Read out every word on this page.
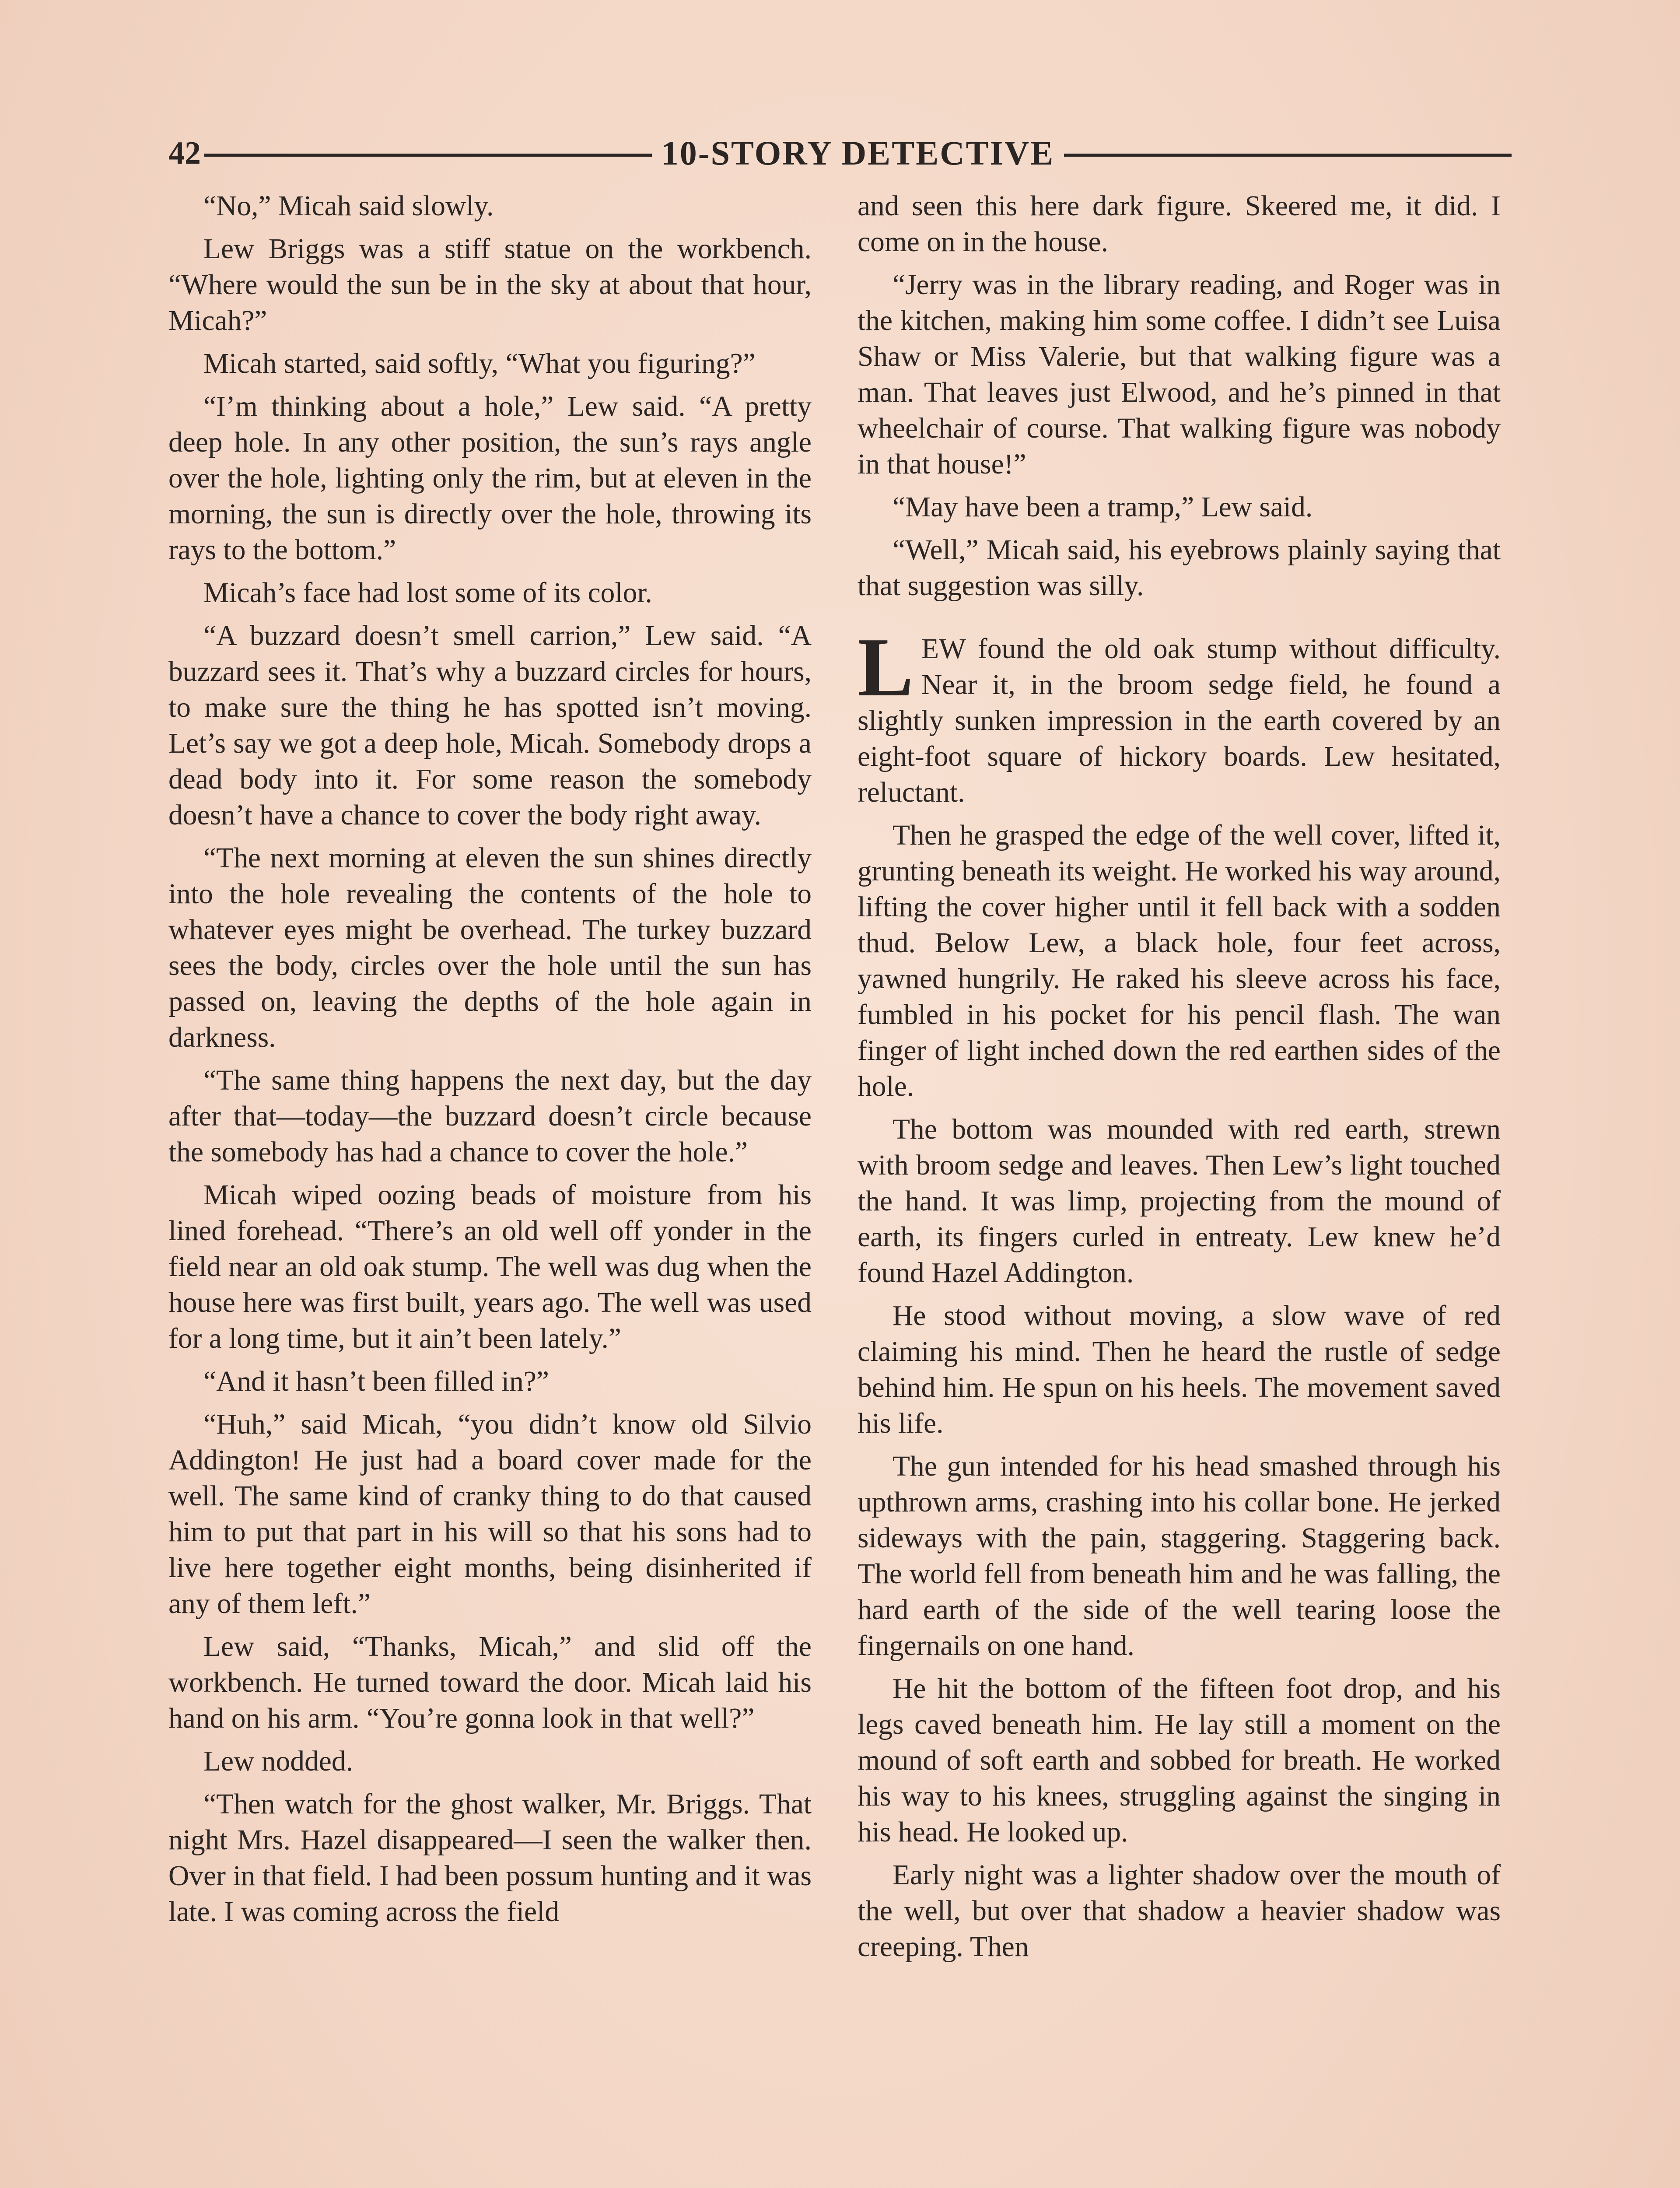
42	10-STORY DETECTIVE

“No,” Micah said slowly.

Lew Briggs was a stiff statue on the workbench. “Where would the sun be in the sky at about that hour, Micah?”

Micah started, said softly, “What you figuring?”

“I’m thinking about a hole,” Lew said. “A pretty deep hole. In any other position, the sun’s rays angle over the hole, lighting only the rim, but at eleven in the morning, the sun is directly over the hole, throwing its rays to the bottom.”

Micah’s face had lost some of its color.

“A buzzard doesn’t smell carrion,” Lew said. “A buzzard sees it. That’s why a buzzard circles for hours, to make sure the thing he has spotted isn’t moving. Let’s say we got a deep hole, Micah. Somebody drops a dead body into it. For some reason the somebody doesn’t have a chance to cover the body right away.

“The next morning at eleven the sun shines directly into the hole revealing the contents of the hole to whatever eyes might be overhead. The turkey buzzard sees the body, circles over the hole until the sun has passed on, leaving the depths of the hole again in darkness.

“The same thing happens the next day, but the day after that—today—the buzzard doesn’t circle because the somebody has had a chance to cover the hole.”

Micah wiped oozing beads of moisture from his lined forehead. “There’s an old well off yonder in the field near an old oak stump. The well was dug when the house here was first built, years ago. The well was used for a long time, but it ain’t been lately.”

“And it hasn’t been filled in?”

“Huh,” said Micah, “you didn’t know old Silvio Addington! He just had a board cover made for the well. The same kind of cranky thing to do that caused him to put that part in his will so that his sons had to live here together eight months, being disinherited if any of them left.”

Lew said, “Thanks, Micah,” and slid off the workbench. He turned toward the door. Micah laid his hand on his arm. “You’re gonna look in that well?”

Lew nodded.

“Then watch for the ghost walker, Mr. Briggs. That night Mrs. Hazel disappeared—I seen the walker then. Over in that field. I had been possum hunting and it was late. I was coming across the field

and seen this here dark figure. Skeered me, it did. I come on in the house.

“Jerry was in the library reading, and Roger was in the kitchen, making him some coffee. I didn’t see Luisa Shaw or Miss Valerie, but that walking figure was a man. That leaves just Elwood, and he’s pinned in that wheelchair of course. That walking figure was nobody in that house!”

“May have been a tramp,” Lew said.

“Well,” Micah said, his eyebrows plainly saying that that suggestion was silly.

LEW found the old oak stump without difficulty. Near it, in the broom sedge field, he found a slightly sunken impression in the earth covered by an eight-foot square of hickory boards. Lew hesitated, reluctant.

Then he grasped the edge of the well cover, lifted it, grunting beneath its weight. He worked his way around, lifting the cover higher until it fell back with a sodden thud. Below Lew, a black hole, four feet across, yawned hungrily. He raked his sleeve across his face, fumbled in his pocket for his pencil flash. The wan finger of light inched down the red earthen sides of the hole.

The bottom was mounded with red earth, strewn with broom sedge and leaves. Then Lew’s light touched the hand. It was limp, projecting from the mound of earth, its fingers curled in entreaty. Lew knew he’d found Hazel Addington.

He stood without moving, a slow wave of red claiming his mind. Then he heard the rustle of sedge behind him. He spun on his heels. The movement saved his life.

The gun intended for his head smashed through his upthrown arms, crashing into his collar bone. He jerked sideways with the pain, staggering. Staggering back. The world fell from beneath him and he was falling, the hard earth of the side of the well tearing loose the fingernails on one hand.

He hit the bottom of the fifteen foot drop, and his legs caved beneath him. He lay still a moment on the mound of soft earth and sobbed for breath. He worked his way to his knees, struggling against the singing in his head. He looked up.

Early night was a lighter shadow over the mouth of the well, but over that shadow a heavier shadow was creeping. Then
